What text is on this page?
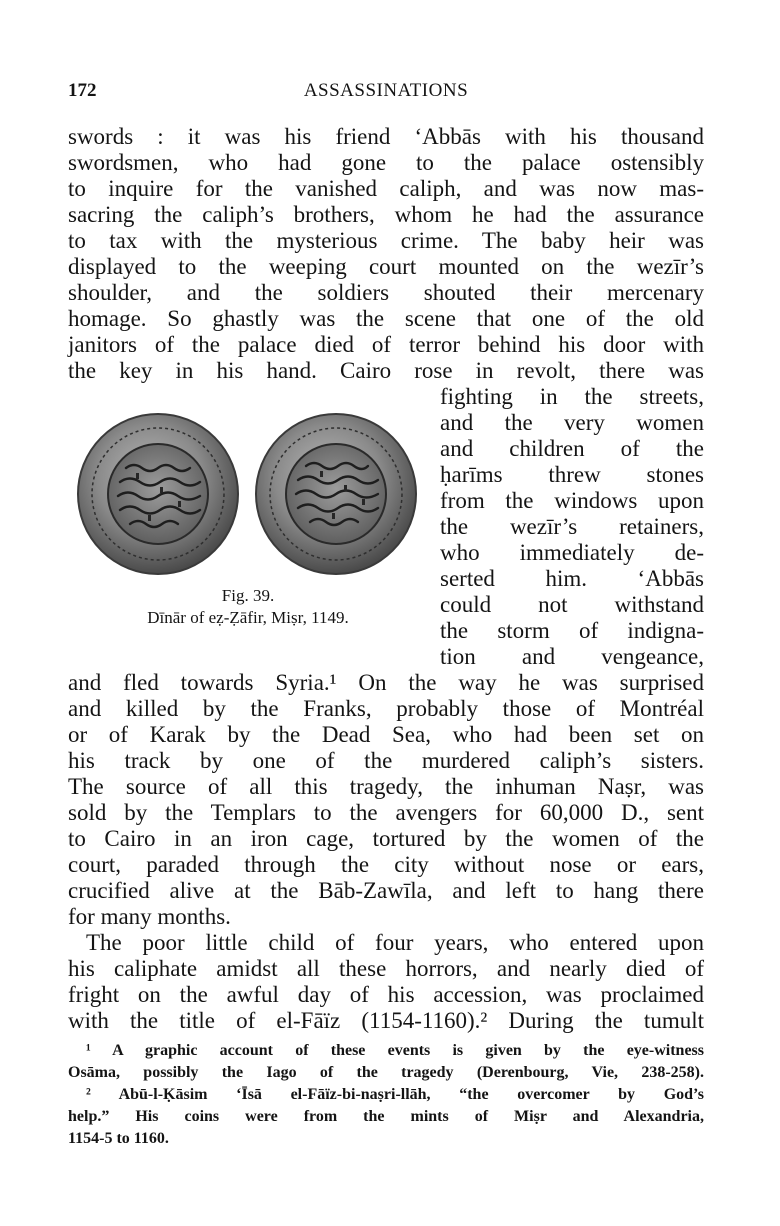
172	ASSASSINATIONS
swords : it was his friend ‘Abbās with his thousand
swordsmen, who had gone to the palace ostensibly
to inquire for the vanished caliph, and was now mas-
sacring the caliph’s brothers, whom he had the assurance
to tax with the mysterious crime. The baby heir was
displayed to the weeping court mounted on the wezīr’s
shoulder, and the soldiers shouted their mercenary
homage. So ghastly was the scene that one of the old
janitors of the palace died of terror behind his door with
the key in his hand. Cairo rose in revolt, there was
fighting in the streets,
and the very women
and children of the
ḥarīms threw stones
from the windows upon
the wezīr’s retainers,
who immediately de-
serted him. ‘Abbās
could not withstand
the storm of indigna-
tion and vengeance,
Fig. 39.
Dīnār of eẓ-Ẓāfir, Miṣr, 1149.
and fled towards Syria.¹ On the way he was surprised
and killed by the Franks, probably those of Montréal
or of Karak by the Dead Sea, who had been set on
his track by one of the murdered caliph’s sisters.
The source of all this tragedy, the inhuman Naṣr, was
sold by the Templars to the avengers for 60,000 D., sent
to Cairo in an iron cage, tortured by the women of the
court, paraded through the city without nose or ears,
crucified alive at the Bāb-Zawīla, and left to hang there
for many months.
The poor little child of four years, who entered upon
his caliphate amidst all these horrors, and nearly died of
fright on the awful day of his accession, was proclaimed
with the title of el-Fāïz (1154-1160).² During the tumult
¹ A graphic account of these events is given by the eye-witness
Osāma, possibly the Iago of the tragedy (Derenbourg, Vie, 238-258).
² Abū-l-Ḳāsim ‘Īsā el-Fāïz-bi-naṣri-llāh, “the overcomer by God’s
help.” His coins were from the mints of Miṣr and Alexandria,
1154-5 to 1160.
